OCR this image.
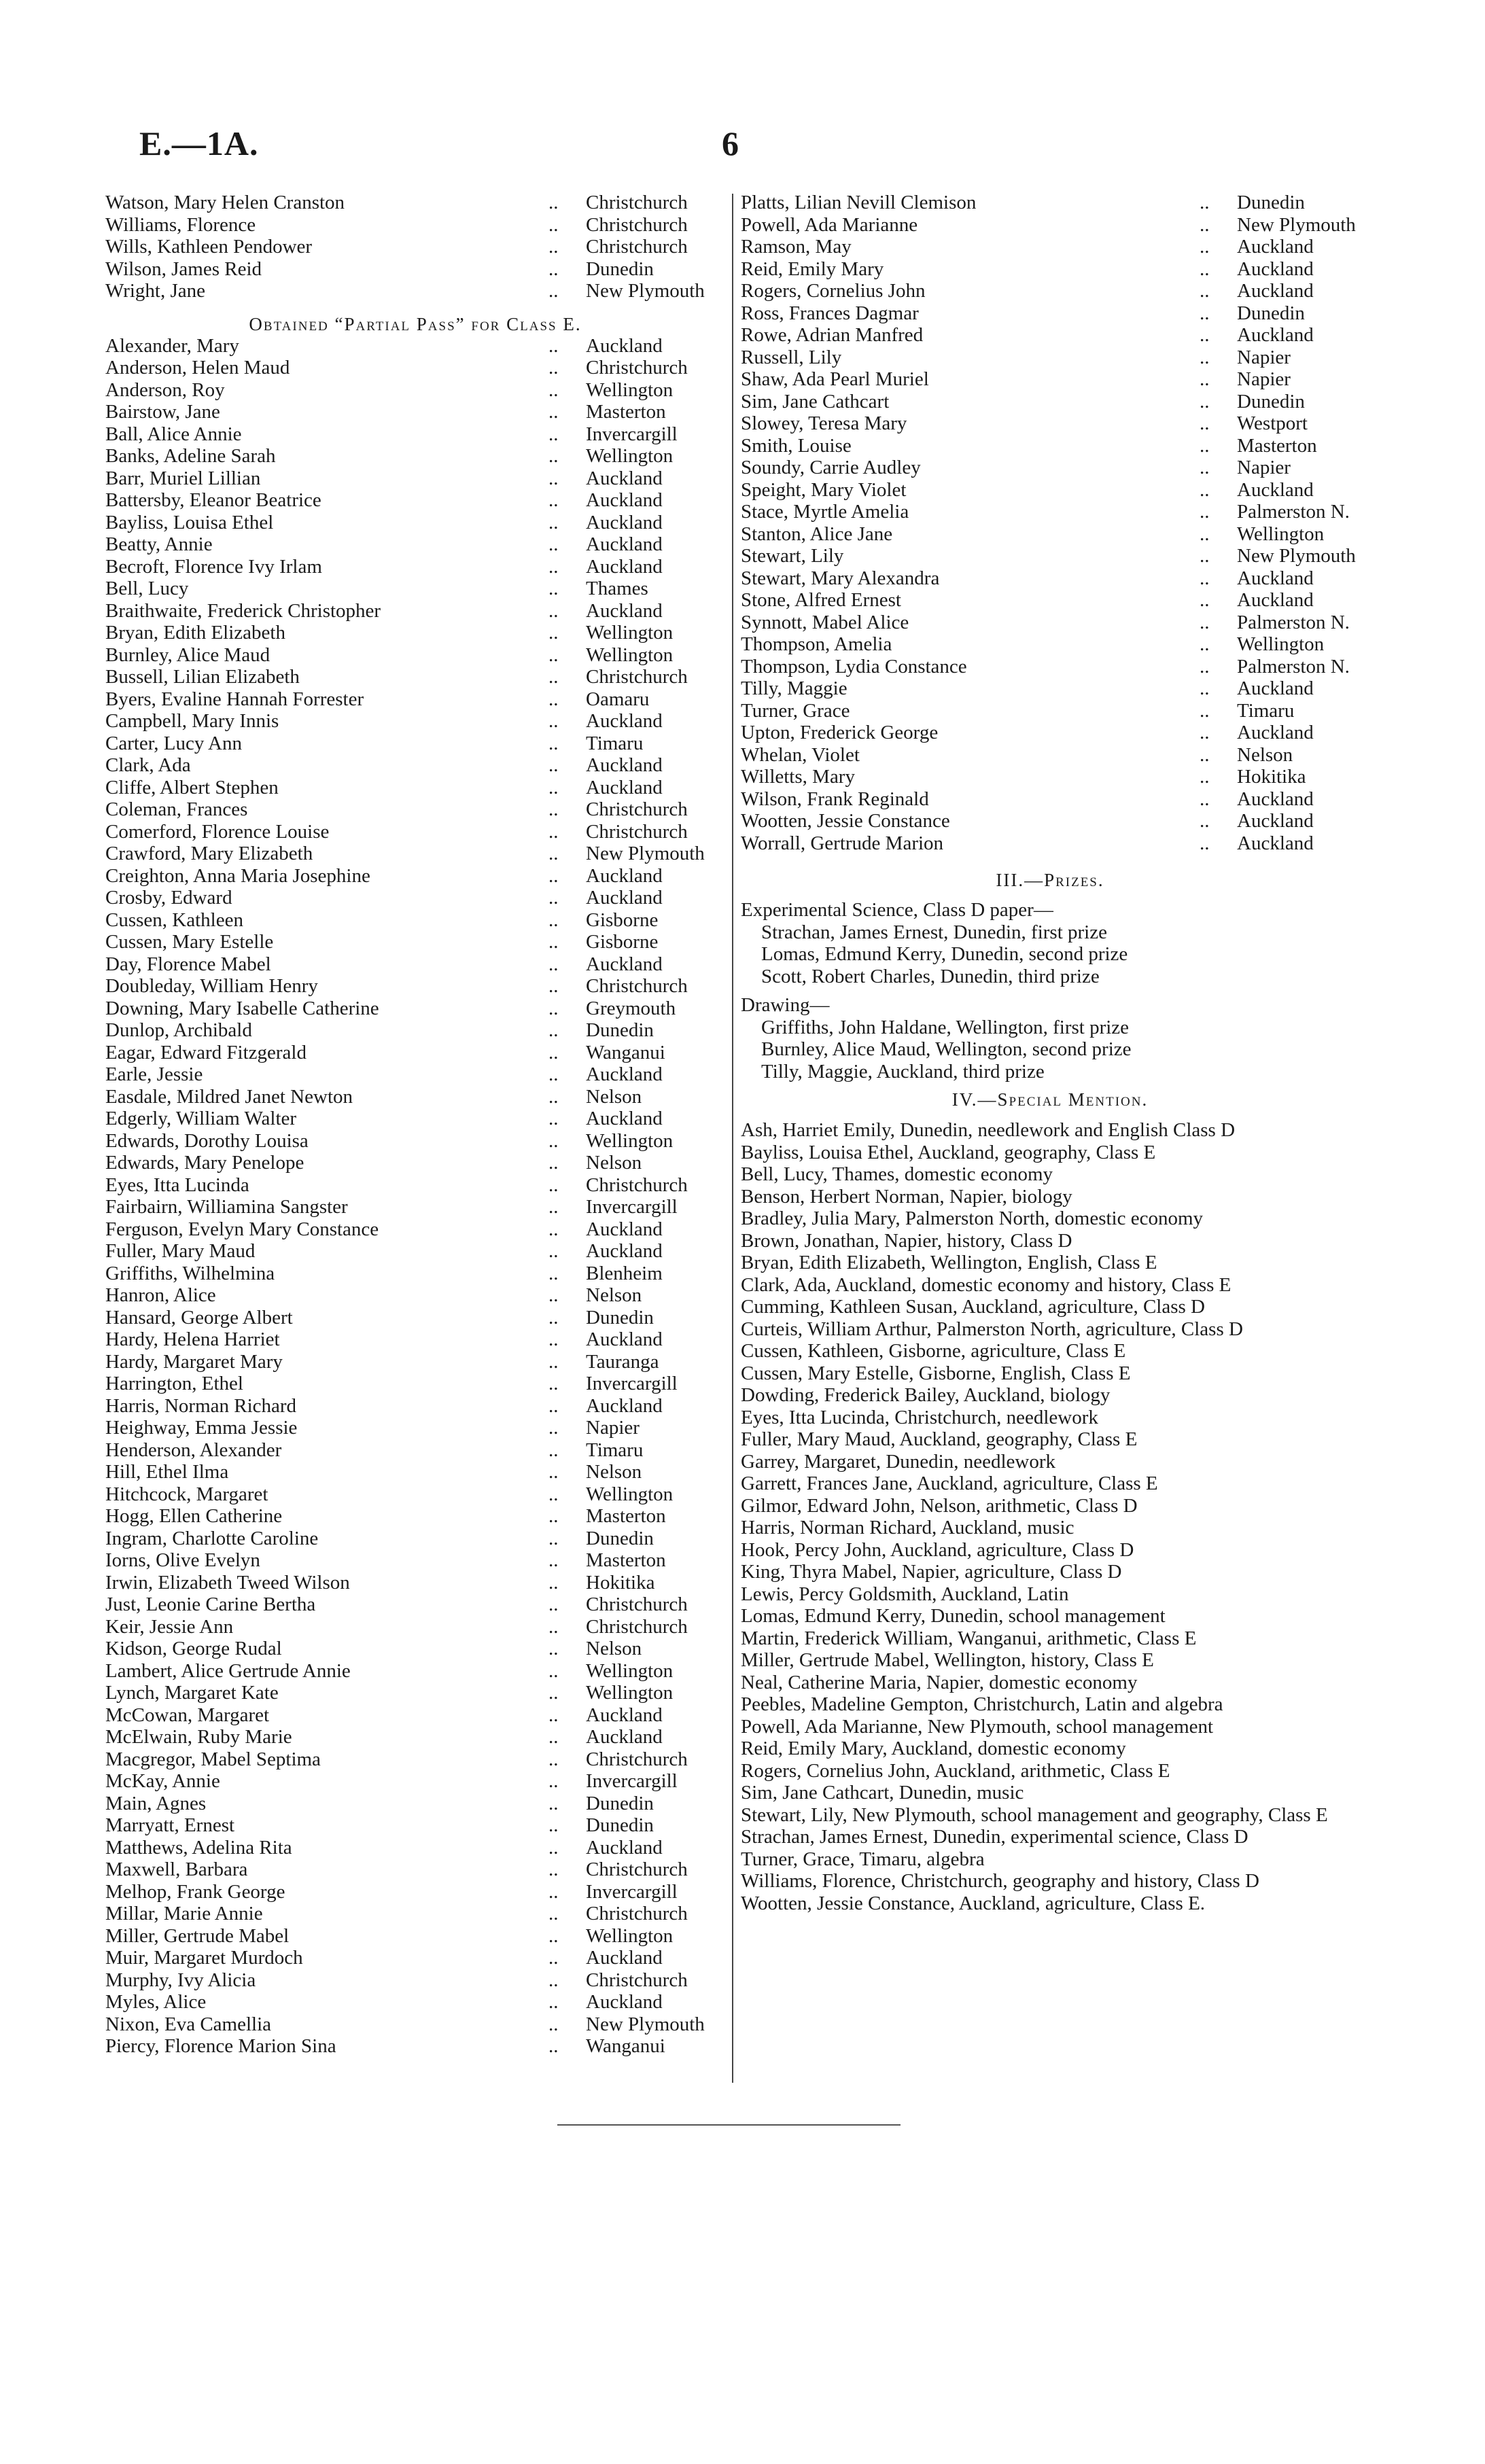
E.—1A.	6
Watson, Mary Helen Cranston	.. Christchurch
Williams, Florence	.. Christchurch
Wills, Kathleen Pendower	.. Christchurch
Wilson, James Reid	.. Dunedin
Wright, Jane	.. New Plymouth
Obtained “Partial Pass” for Class E.
Alexander, Mary	.. Auckland
Anderson, Helen Maud	.. Christchurch
Anderson, Roy	.. Wellington
Bairstow, Jane	.. Masterton
Ball, Alice Annie	.. Invercargill
Banks, Adeline Sarah	.. Wellington
Barr, Muriel Lillian	.. Auckland
Battersby, Eleanor Beatrice	.. Auckland
Bayliss, Louisa Ethel	.. Auckland
Beatty, Annie	.. Auckland
Becroft, Florence Ivy Irlam	.. Auckland
Bell, Lucy	.. Thames
Braithwaite, Frederick Christopher	.. Auckland
Bryan, Edith Elizabeth	.. Wellington
Burnley, Alice Maud	.. Wellington
Bussell, Lilian Elizabeth	.. Christchurch
Byers, Evaline Hannah Forrester	.. Oamaru
Campbell, Mary Innis	.. Auckland
Carter, Lucy Ann	.. Timaru
Clark, Ada	.. Auckland
Cliffe, Albert Stephen	.. Auckland
Coleman, Frances	.. Christchurch
Comerford, Florence Louise	.. Christchurch
Crawford, Mary Elizabeth	.. New Plymouth
Creighton, Anna Maria Josephine	.. Auckland
Crosby, Edward	.. Auckland
Cussen, Kathleen	.. Gisborne
Cussen, Mary Estelle	.. Gisborne
Day, Florence Mabel	.. Auckland
Doubleday, William Henry	.. Christchurch
Downing, Mary Isabelle Catherine	.. Greymouth
Dunlop, Archibald	.. Dunedin
Eagar, Edward Fitzgerald	.. Wanganui
Earle, Jessie	.. Auckland
Easdale, Mildred Janet Newton	.. Nelson
Edgerly, William Walter	.. Auckland
Edwards, Dorothy Louisa	.. Wellington
Edwards, Mary Penelope	.. Nelson
Eyes, Itta Lucinda	.. Christchurch
Fairbairn, Williamina Sangster	.. Invercargill
Ferguson, Evelyn Mary Constance	.. Auckland
Fuller, Mary Maud	.. Auckland
Griffiths, Wilhelmina	.. Blenheim
Hanron, Alice	.. Nelson
Hansard, George Albert	.. Dunedin
Hardy, Helena Harriet	.. Auckland
Hardy, Margaret Mary	.. Tauranga
Harrington, Ethel	.. Invercargill
Harris, Norman Richard	.. Auckland
Heighway, Emma Jessie	.. Napier
Henderson, Alexander	.. Timaru
Hill, Ethel Ilma	.. Nelson
Hitchcock, Margaret	.. Wellington
Hogg, Ellen Catherine	.. Masterton
Ingram, Charlotte Caroline	.. Dunedin
Iorns, Olive Evelyn	.. Masterton
Irwin, Elizabeth Tweed Wilson	.. Hokitika
Just, Leonie Carine Bertha	.. Christchurch
Keir, Jessie Ann	.. Christchurch
Kidson, George Rudal	.. Nelson
Lambert, Alice Gertrude Annie	.. Wellington
Lynch, Margaret Kate	.. Wellington
McCowan, Margaret	.. Auckland
McElwain, Ruby Marie	.. Auckland
Macgregor, Mabel Septima	.. Christchurch
McKay, Annie	.. Invercargill
Main, Agnes	.. Dunedin
Marryatt, Ernest	.. Dunedin
Matthews, Adelina Rita	.. Auckland
Maxwell, Barbara	.. Christchurch
Melhop, Frank George	.. Invercargill
Millar, Marie Annie	.. Christchurch
Miller, Gertrude Mabel	.. Wellington
Muir, Margaret Murdoch	.. Auckland
Murphy, Ivy Alicia	.. Christchurch
Myles, Alice	.. Auckland
Nixon, Eva Camellia	.. New Plymouth
Piercy, Florence Marion Sina	.. Wanganui
Platts, Lilian Nevill Clemison	.. Dunedin
Powell, Ada Marianne	.. New Plymouth
Ramson, May	.. Auckland
Reid, Emily Mary	.. Auckland
Rogers, Cornelius John	.. Auckland
Ross, Frances Dagmar	.. Dunedin
Rowe, Adrian Manfred	.. Auckland
Russell, Lily	.. Napier
Shaw, Ada Pearl Muriel	.. Napier
Sim, Jane Cathcart	.. Dunedin
Slowey, Teresa Mary	.. Westport
Smith, Louise	.. Masterton
Soundy, Carrie Audley	.. Napier
Speight, Mary Violet	.. Auckland
Stace, Myrtle Amelia	.. Palmerston N.
Stanton, Alice Jane	.. Wellington
Stewart, Lily	.. New Plymouth
Stewart, Mary Alexandra	.. Auckland
Stone, Alfred Ernest	.. Auckland
Synnott, Mabel Alice	.. Palmerston N.
Thompson, Amelia	.. Wellington
Thompson, Lydia Constance	.. Palmerston N.
Tilly, Maggie	.. Auckland
Turner, Grace	.. Timaru
Upton, Frederick George	.. Auckland
Whelan, Violet	.. Nelson
Willetts, Mary	.. Hokitika
Wilson, Frank Reginald	.. Auckland
Wootten, Jessie Constance	.. Auckland
Worrall, Gertrude Marion	.. Auckland
III.—Prizes.
Experimental Science, Class D paper—
Strachan, James Ernest, Dunedin, first prize
Lomas, Edmund Kerry, Dunedin, second prize
Scott, Robert Charles, Dunedin, third prize
Drawing—
Griffiths, John Haldane, Wellington, first prize
Burnley, Alice Maud, Wellington, second prize
Tilly, Maggie, Auckland, third prize
IV.—Special Mention.
Ash, Harriet Emily, Dunedin, needlework and English Class D
Bayliss, Louisa Ethel, Auckland, geography, Class E
Bell, Lucy, Thames, domestic economy
Benson, Herbert Norman, Napier, biology
Bradley, Julia Mary, Palmerston North, domestic economy
Brown, Jonathan, Napier, history, Class D
Bryan, Edith Elizabeth, Wellington, English, Class E
Clark, Ada, Auckland, domestic economy and history, Class E
Cumming, Kathleen Susan, Auckland, agriculture, Class D
Curteis, William Arthur, Palmerston North, agriculture, Class D
Cussen, Kathleen, Gisborne, agriculture, Class E
Cussen, Mary Estelle, Gisborne, English, Class E
Dowding, Frederick Bailey, Auckland, biology
Eyes, Itta Lucinda, Christchurch, needlework
Fuller, Mary Maud, Auckland, geography, Class E
Garrey, Margaret, Dunedin, needlework
Garrett, Frances Jane, Auckland, agriculture, Class E
Gilmor, Edward John, Nelson, arithmetic, Class D
Harris, Norman Richard, Auckland, music
Hook, Percy John, Auckland, agriculture, Class D
King, Thyra Mabel, Napier, agriculture, Class D
Lewis, Percy Goldsmith, Auckland, Latin
Lomas, Edmund Kerry, Dunedin, school management
Martin, Frederick William, Wanganui, arithmetic, Class E
Miller, Gertrude Mabel, Wellington, history, Class E
Neal, Catherine Maria, Napier, domestic economy
Peebles, Madeline Gempton, Christchurch, Latin and algebra
Powell, Ada Marianne, New Plymouth, school management
Reid, Emily Mary, Auckland, domestic economy
Rogers, Cornelius John, Auckland, arithmetic, Class E
Sim, Jane Cathcart, Dunedin, music
Stewart, Lily, New Plymouth, school management and geography, Class E
Strachan, James Ernest, Dunedin, experimental science, Class D
Turner, Grace, Timaru, algebra
Williams, Florence, Christchurch, geography and history, Class D
Wootten, Jessie Constance, Auckland, agriculture, Class E.
